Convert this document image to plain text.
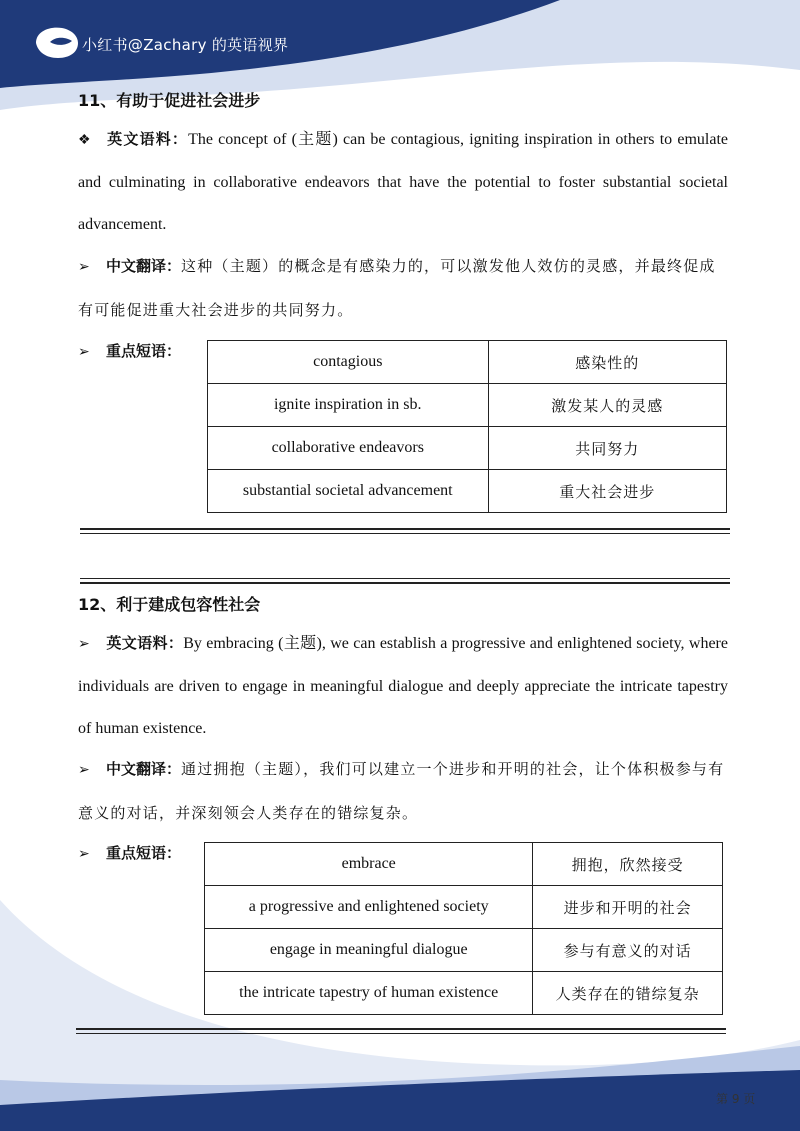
小红书@Zachary 的英语视界
11、有助于促进社会进步
❖ 英文语料：The concept of (主题) can be contagious, igniting inspiration in others to emulate and culminating in collaborative endeavors that have the potential to foster substantial societal advancement.
➢ 中文翻译：这种（主题）的概念是有感染力的，可以激发他人效仿的灵感，并最终促成有可能促进重大社会进步的共同努力。
➢ 重点短语：
contagious	感染性的
ignite inspiration in sb.	激发某人的灵感
collaborative endeavors	共同努力
substantial societal advancement	重大社会进步
12、利于建成包容性社会
➢ 英文语料：By embracing (主题), we can establish a progressive and enlightened society, where individuals are driven to engage in meaningful dialogue and deeply appreciate the intricate tapestry of human existence.
➢ 中文翻译：通过拥抱（主题），我们可以建立一个进步和开明的社会，让个体积极参与有意义的对话，并深刻领会人类存在的错综复杂。
➢ 重点短语：
embrace	拥抱，欣然接受
a progressive and enlightened society	进步和开明的社会
engage in meaningful dialogue	参与有意义的对话
the intricate tapestry of human existence	人类存在的错综复杂
第 9 页
